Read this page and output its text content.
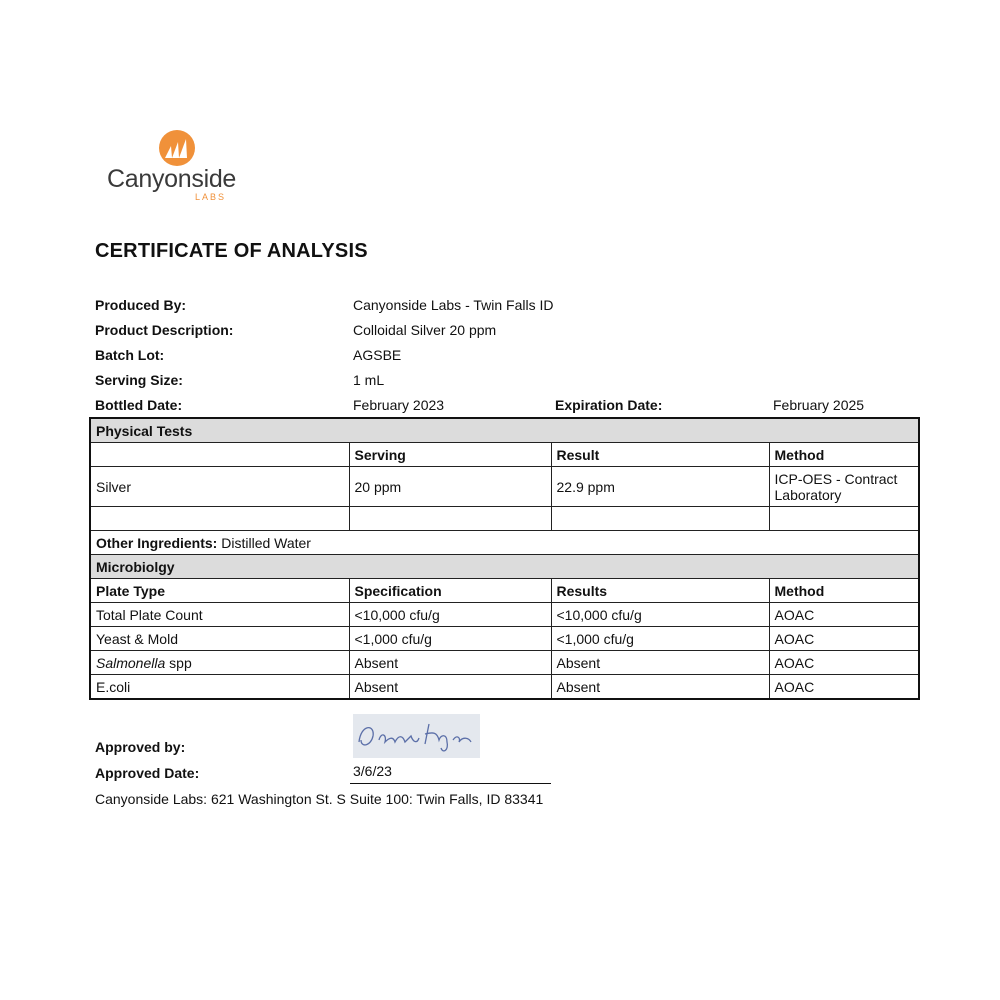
Canyonside
LABS
CERTIFICATE OF ANALYSIS
Produced By:	Canyonside Labs - Twin Falls ID
Product Description:	Colloidal Silver 20 ppm
Batch Lot:	AGSBE
Serving Size:	1 mL
Bottled Date:	February 2023	Expiration Date:	February 2025
Physical Tests			
	Serving	Result	Method
Silver	20 ppm	22.9 ppm	ICP-OES - Contract Laboratory

Other Ingredients: Distilled Water			
Microbiolgy			
Plate Type	Specification	Results	Method
Total Plate Count	<10,000 cfu/g	<10,000 cfu/g	AOAC
Yeast & Mold	<1,000 cfu/g	<1,000 cfu/g	AOAC
Salmonella spp	Absent	Absent	AOAC
E.coli	Absent	Absent	AOAC
Approved by:
Approved Date:	3/6/23
Canyonside Labs: 621 Washington St. S Suite 100: Twin Falls, ID 83341
